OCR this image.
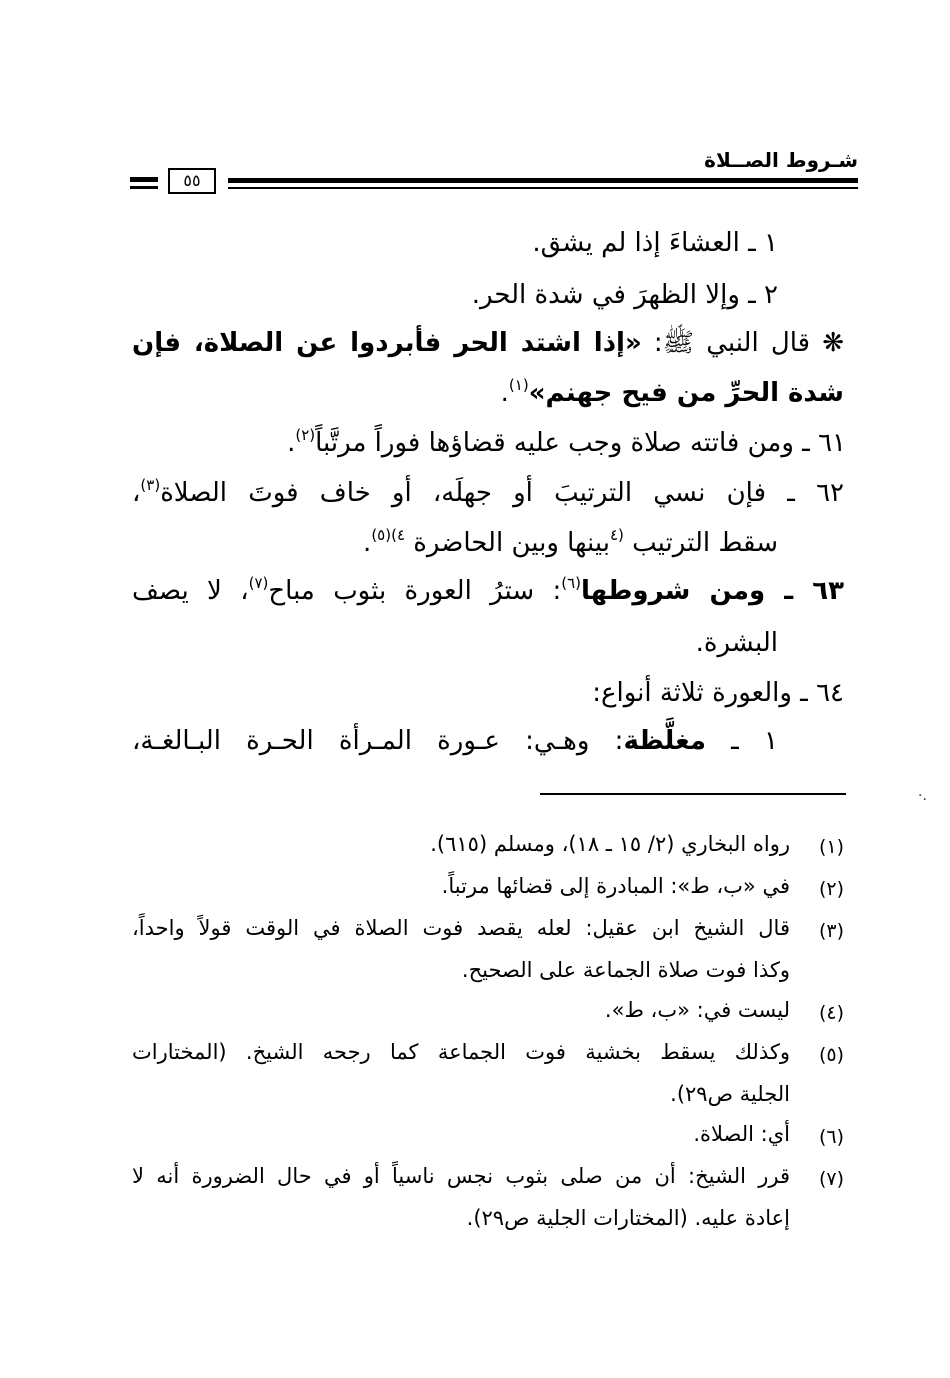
شـروط الصــلاة
٥٥
١ ـ العشاءَ إذا لم يشق.
٢ ـ وإلا الظهرَ في شدة الحر.
❋ قال النبي ﷺ: «إذا اشتد الحر فأبردوا عن الصلاة، فإن
شدة الحرِّ من فيح جهنم»$^{(١)}$.
٦١ ـ ومن فاتته صلاة وجب عليه قضاؤها فوراً مرتَّباً$^{(٢)}$.
٦٢ ـ فإن نسي الترتيبَ أو جهلَه، أو خاف فوتَ الصلاة$^{(٣)}$،
سقط الترتيب $^{(٤}$بينها وبين الحاضرة $^{٤)(٥)}$.
٦٣ ـ ومن شروطها$^{(٦)}$: سترُ العورة بثوب مباح$^{(٧)}$، لا يصف
البشرة.
٦٤ ـ والعورة ثلاثة أنواع:
١ ـ مغلَّظة: وهـي: عـورة المـرأة الحـرة البـالغـة،
·.
(١)
رواه البخاري (٢/ ١٥ ـ ١٨)، ومسلم (٦١٥).
(٢)
في «ب، ط»: المبادرة إلى قضائها مرتباً.
(٣)
قال الشيخ ابن عقيل: لعله يقصد فوت الصلاة في الوقت قولاً واحداً،
وكذا فوت صلاة الجماعة على الصحيح.
(٤)
ليست في: «ب، ط».
(٥)
وكذلك يسقط بخشية فوت الجماعة كما رجحه الشيخ. (المختارات
الجلية ص٢٩).
(٦)
أي: الصلاة.
(٧)
قرر الشيخ: أن من صلى بثوب نجس ناسياً أو في حال الضرورة أنه لا
إعادة عليه. (المختارات الجلية ص٢٩).
